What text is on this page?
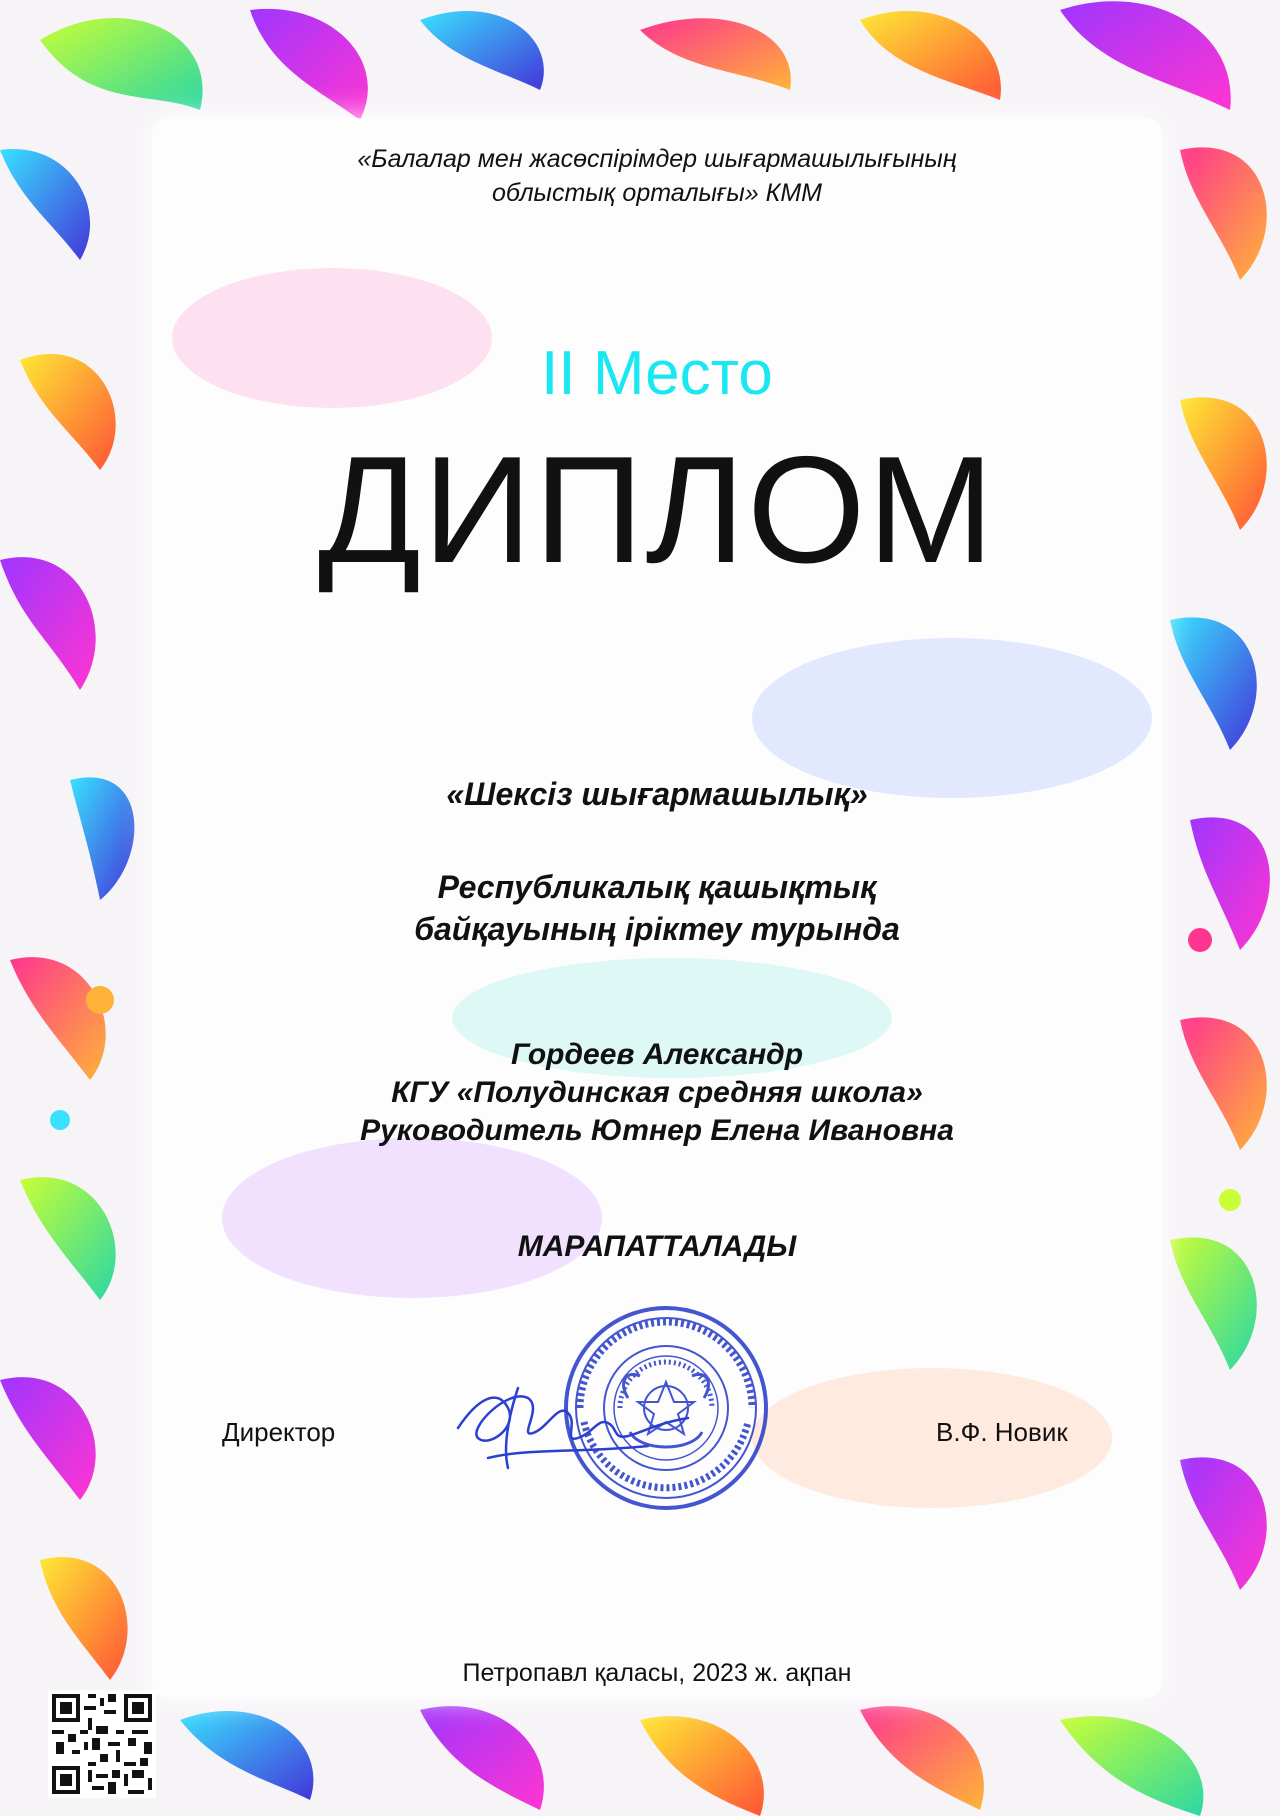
«Балалар мен жасөспірімдер шығармашылығының
облыстық орталығы» КММ
II Место
ДИПЛОМ
«Шексіз шығармашылық»
Республикалық қашықтық
байқауының іріктеу турында
Гордеев Александр
КГУ «Полудинская средняя школа»
Руководитель Ютнер Елена Ивановна
МАРАПАТТАЛАДЫ
Директор	В.Ф. Новик
Петропавл қаласы, 2023 ж. ақпан
